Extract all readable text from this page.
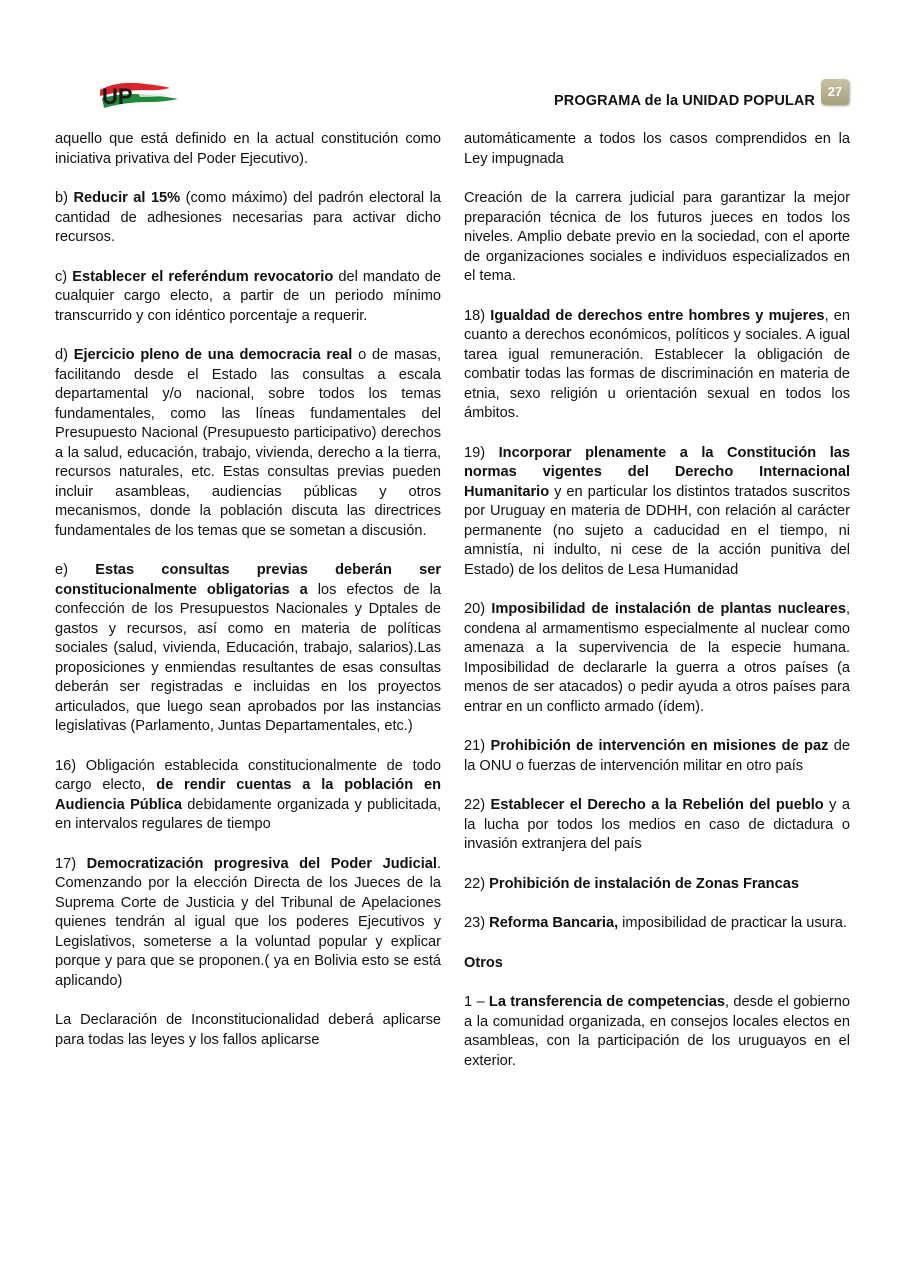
UP	PROGRAMA de la UNIDAD POPULAR
27

aquello que está definido en la actual constitución como iniciativa privativa del Poder Ejecutivo).

b) Reducir al 15% (como máximo) del padrón electoral la cantidad de adhesiones necesarias para activar dicho recursos.

c) Establecer el referéndum revocatorio del mandato de cualquier cargo electo, a partir de un periodo mínimo transcurrido y con idéntico porcentaje a requerir.

d) Ejercicio pleno de una democracia real o de masas, facilitando desde el Estado las consultas a escala departamental y/o nacional, sobre todos los temas fundamentales, como las líneas fundamentales del Presupuesto Nacional (Presupuesto participativo) derechos a la salud, educación, trabajo, vivienda, derecho a la tierra, recursos naturales, etc. Estas consultas previas pueden incluir asambleas, audiencias públicas y otros mecanismos, donde la población discuta las directrices fundamentales de los temas que se sometan a discusión.

e) Estas consultas previas deberán ser constitucionalmente obligatorias a los efectos de la confección de los Presupuestos Nacionales y Dptales de gastos y recursos, así como en materia de políticas sociales (salud, vivienda, Educación, trabajo, salarios).Las proposiciones y enmiendas resultantes de esas consultas deberán ser registradas e incluidas en los proyectos articulados, que luego sean aprobados por las instancias legislativas (Parlamento, Juntas Departamentales, etc.)

16) Obligación establecida constitucionalmente de todo cargo electo, de rendir cuentas a la población en Audiencia Pública debidamente organizada y publicitada, en intervalos regulares de tiempo

17) Democratización progresiva del Poder Judicial. Comenzando por la elección Directa de los Jueces de la Suprema Corte de Justicia y del Tribunal de Apelaciones quienes tendrán al igual que los poderes Ejecutivos y Legislativos, someterse a la voluntad popular y explicar porque y para que se proponen.( ya en Bolivia esto se está aplicando)

La Declaración de Inconstitucionalidad deberá aplicarse para todas las leyes y los fallos aplicarse

automáticamente a todos los casos comprendidos en la Ley impugnada

Creación de la carrera judicial para garantizar la mejor preparación técnica de los futuros jueces en todos los niveles. Amplio debate previo en la sociedad, con el aporte de organizaciones sociales e individuos especializados en el tema.

18) Igualdad de derechos entre hombres y mujeres, en cuanto a derechos económicos, políticos y sociales. A igual tarea igual remuneración. Establecer la obligación de combatir todas las formas de discriminación en materia de etnia, sexo religión u orientación sexual en todos los ámbitos.

19) Incorporar plenamente a la Constitución las normas vigentes del Derecho Internacional Humanitario y en particular los distintos tratados suscritos por Uruguay en materia de DDHH, con relación al carácter permanente (no sujeto a caducidad en el tiempo, ni amnistía, ni indulto, ni cese de la acción punitiva del Estado) de los delitos de Lesa Humanidad

20) Imposibilidad de instalación de plantas nucleares, condena al armamentismo especialmente al nuclear como amenaza a la supervivencia de la especie humana. Imposibilidad de declararle la guerra a otros países (a menos de ser atacados) o pedir ayuda a otros países para entrar en un conflicto armado (ídem).

21) Prohibición de intervención en misiones de paz de la ONU o fuerzas de intervención militar en otro país

22) Establecer el Derecho a la Rebelión del pueblo y a la lucha por todos los medios en caso de dictadura o invasión extranjera del país

22) Prohibición de instalación de Zonas Francas

23) Reforma Bancaria, imposibilidad de practicar la usura.

Otros

1 – La transferencia de competencias, desde el gobierno a la comunidad organizada, en consejos locales electos en asambleas, con la participación de los uruguayos en el exterior.
